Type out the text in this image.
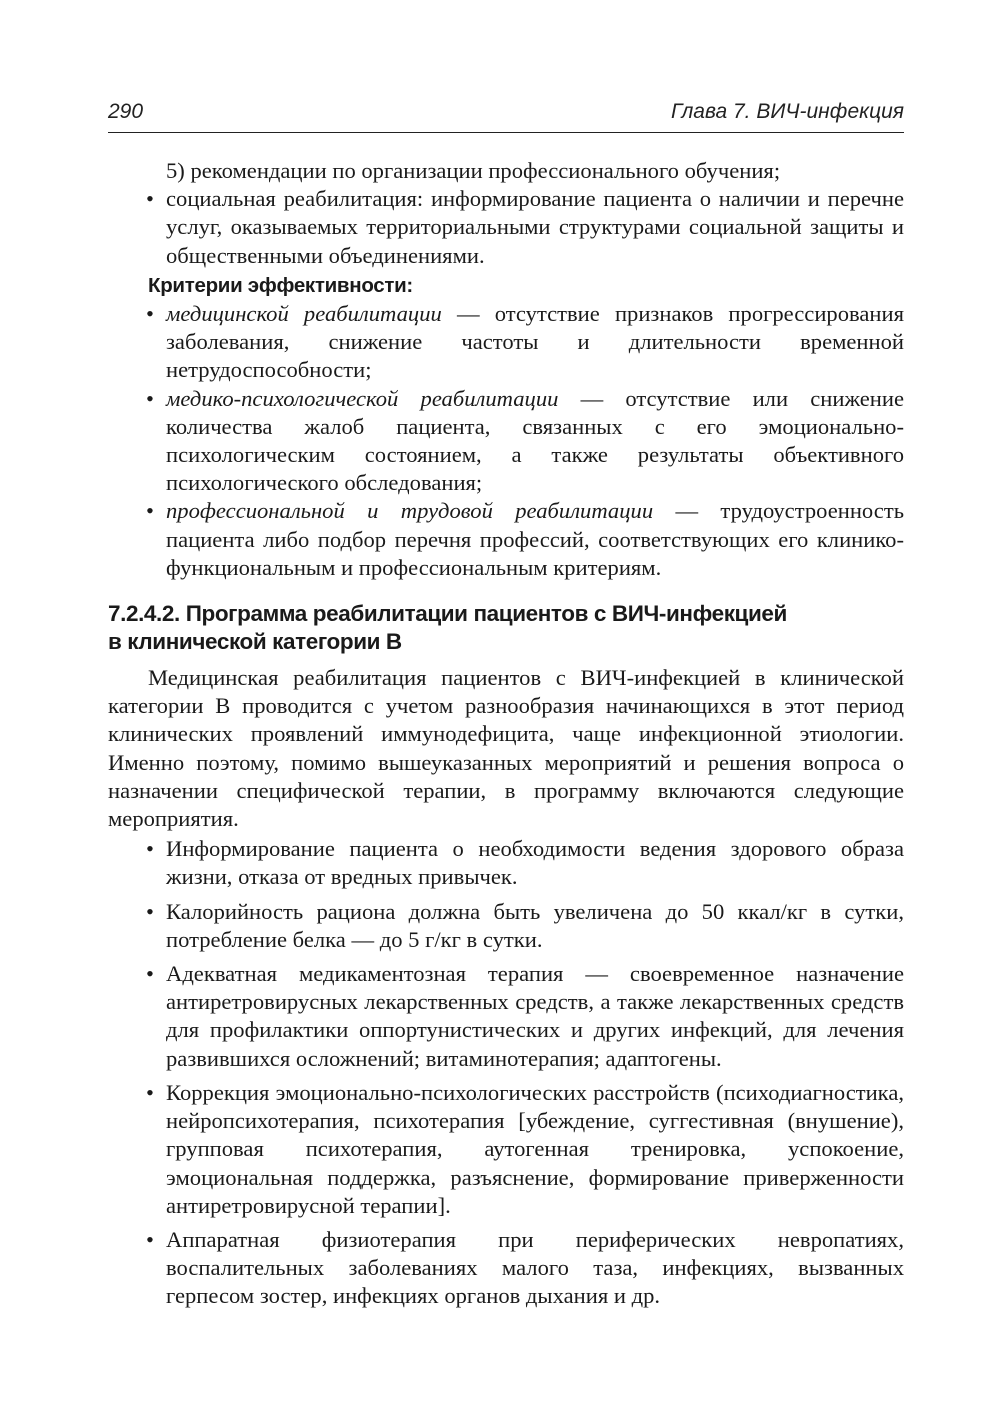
290	Глава 7. ВИЧ-инфекция

5) рекомендации по организации профессионального обучения;

• социальная реабилитация: информирование пациента о наличии и перечне услуг, оказываемых территориальными структурами социальной защиты и общественными объединениями.
Критерии эффективности:
• медицинской реабилитации — отсутствие признаков прогрессирования заболевания, снижение частоты и длительности временной нетрудоспособности;
• медико-психологической реабилитации — отсутствие или снижение количества жалоб пациента, связанных с его эмоционально-психологическим состоянием, а также результаты объективного психологического обследования;
• профессиональной и трудовой реабилитации — трудоустроенность пациента либо подбор перечня профессий, соответствующих его клинико-функциональным и профессиональным критериям.
7.2.4.2. Программа реабилитации пациентов с ВИЧ-инфекцией
в клинической категории В

Медицинская реабилитация пациентов с ВИЧ-инфекцией в клинической категории В проводится с учетом разнообразия начинающихся в этот период клинических проявлений иммунодефицита, чаще инфекционной этиологии. Именно поэтому, помимо вышеуказанных мероприятий и решения вопроса о назначении специфической терапии, в программу включаются следующие мероприятия.

• Информирование пациента о необходимости ведения здорового образа жизни, отказа от вредных привычек.
• Калорийность рациона должна быть увеличена до 50 ккал/кг в сутки, потребление белка — до 5 г/кг в сутки.
• Адекватная медикаментозная терапия — своевременное назначение антиретровирусных лекарственных средств, а также лекарственных средств для профилактики оппортунистических и других инфекций, для лечения развившихся осложнений; витаминотерапия; адаптогены.
• Коррекция эмоционально-психологических расстройств (психодиагностика, нейропсихотерапия, психотерапия [убеждение, суггестивная (внушение), групповая психотерапия, аутогенная тренировка, успокоение, эмоциональная поддержка, разъяснение, формирование приверженности антиретровирусной терапии].
• Аппаратная физиотерапия при периферических невропатиях, воспалительных заболеваниях малого таза, инфекциях, вызванных герпесом зостер, инфекциях органов дыхания и др.
